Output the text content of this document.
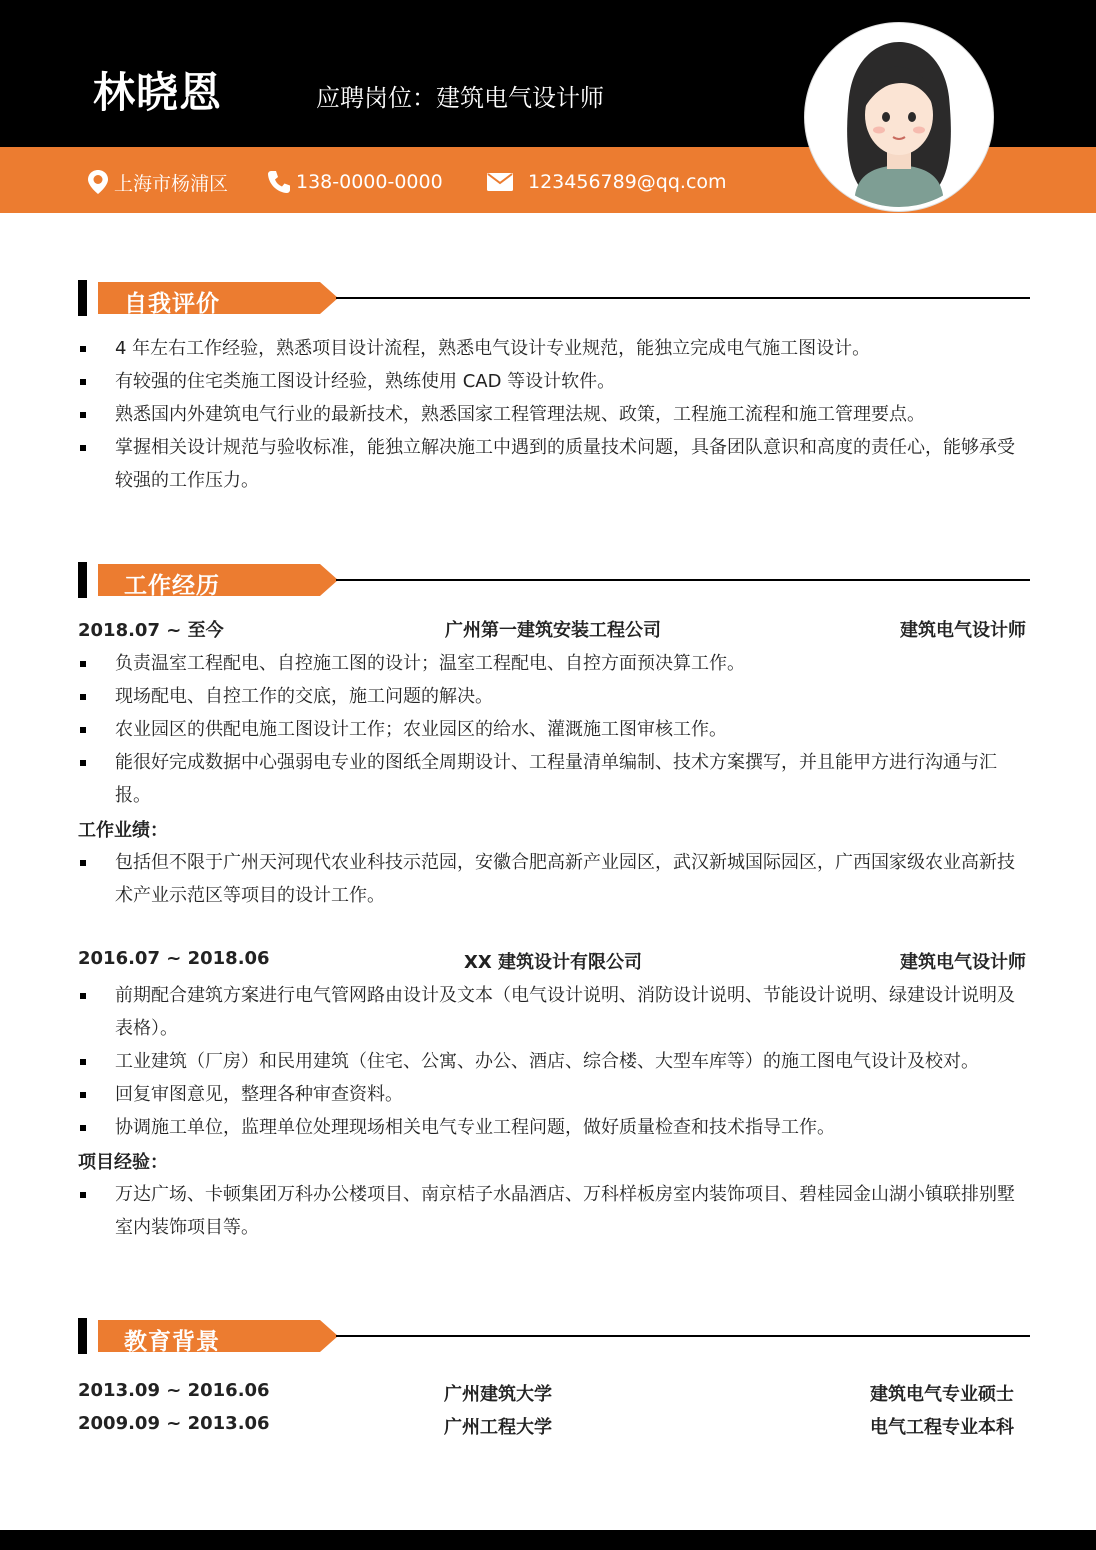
林晓恩	应聘岗位：建筑电气设计师
上海市杨浦区	138-0000-0000	123456789@qq.com
自我评价
4 年左右工作经验，熟悉项目设计流程，熟悉电气设计专业规范，能独立完成电气施工图设计。
有较强的住宅类施工图设计经验，熟练使用 CAD 等设计软件。
熟悉国内外建筑电气行业的最新技术，熟悉国家工程管理法规、政策，工程施工流程和施工管理要点。
掌握相关设计规范与验收标准，能独立解决施工中遇到的质量技术问题，具备团队意识和高度的责任心，能够承受较强的工作压力。
工作经历
2018.07 ~ 至今	广州第一建筑安装工程公司	建筑电气设计师
负责温室工程配电、自控施工图的设计；温室工程配电、自控方面预决算工作。
现场配电、自控工作的交底，施工问题的解决。
农业园区的供配电施工图设计工作；农业园区的给水、灌溉施工图审核工作。
能很好完成数据中心强弱电专业的图纸全周期设计、工程量清单编制、技术方案撰写，并且能甲方进行沟通与汇报。
工作业绩：
包括但不限于广州天河现代农业科技示范园，安徽合肥高新产业园区，武汉新城国际园区，广西国家级农业高新技术产业示范区等项目的设计工作。
2016.07 ~ 2018.06	XX 建筑设计有限公司	建筑电气设计师
前期配合建筑方案进行电气管网路由设计及文本（电气设计说明、消防设计说明、节能设计说明、绿建设计说明及表格）。
工业建筑（厂房）和民用建筑（住宅、公寓、办公、酒店、综合楼、大型车库等）的施工图电气设计及校对。
回复审图意见，整理各种审查资料。
协调施工单位，监理单位处理现场相关电气专业工程问题，做好质量检查和技术指导工作。
项目经验：
万达广场、卡顿集团万科办公楼项目、南京桔子水晶酒店、万科样板房室内装饰项目、碧桂园金山湖小镇联排别墅室内装饰项目等。
教育背景
2013.09 ~ 2016.06	广州建筑大学	建筑电气专业硕士
2009.09 ~ 2013.06	广州工程大学	电气工程专业本科
